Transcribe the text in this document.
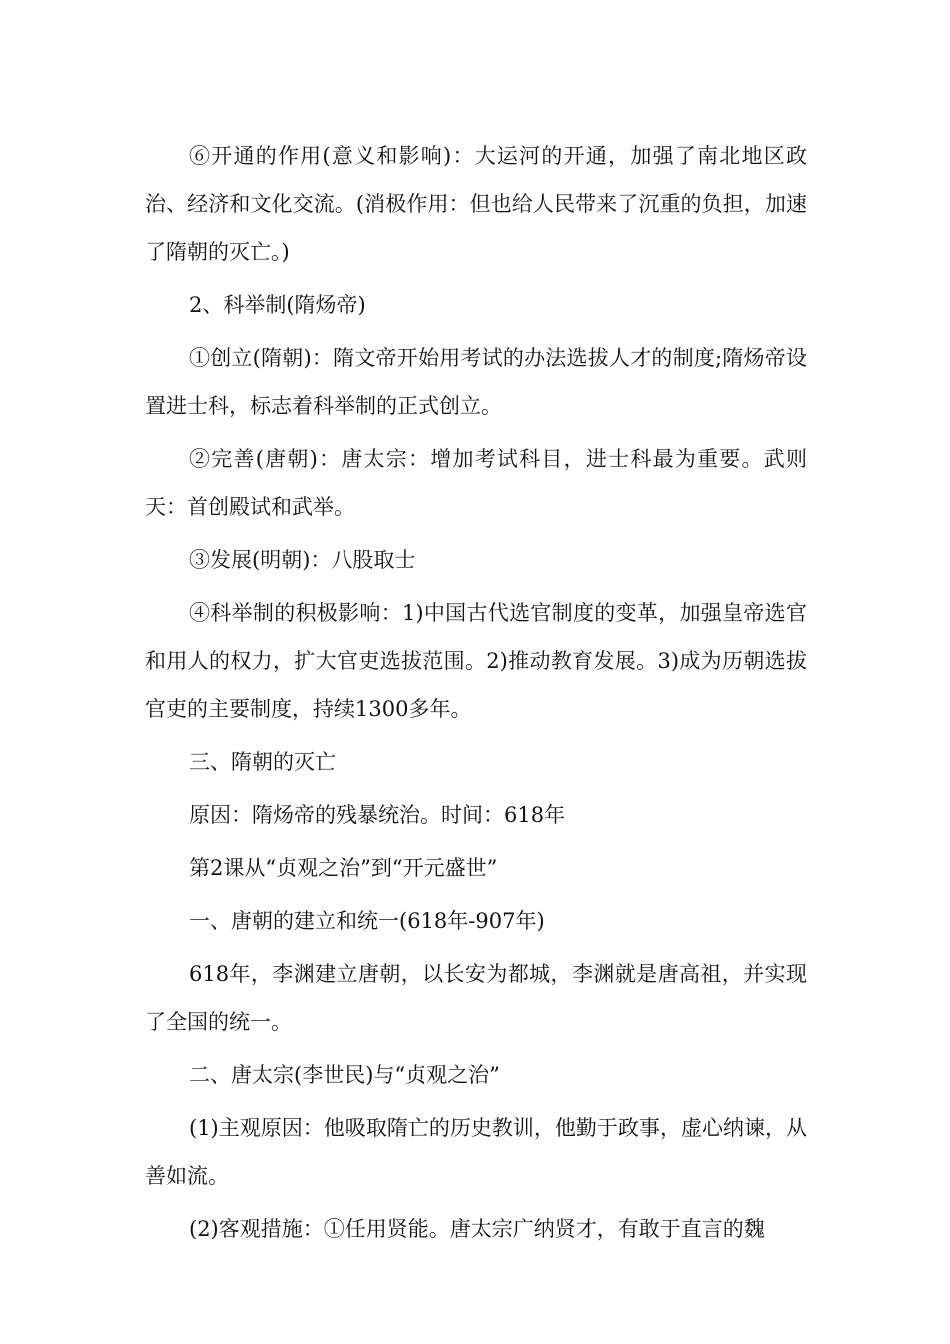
⑥开通的作用(意义和影响)：大运河的开通，加强了南北地区政治、经济和文化交流。(消极作用：但也给人民带来了沉重的负担，加速了隋朝的灭亡。)

2、科举制(隋炀帝)

①创立(隋朝)：隋文帝开始用考试的办法选拔人才的制度;隋炀帝设置进士科，标志着科举制的正式创立。

②完善(唐朝)：唐太宗：增加考试科目，进士科最为重要。武则天：首创殿试和武举。

③发展(明朝)：八股取士

④科举制的积极影响：1)中国古代选官制度的变革，加强皇帝选官和用人的权力，扩大官吏选拔范围。2)推动教育发展。3)成为历朝选拔官吏的主要制度，持续1300多年。

三、隋朝的灭亡

原因：隋炀帝的残暴统治。时间：618年

第2课从“贞观之治”到“开元盛世”

一、唐朝的建立和统一(618年-907年)

618年，李渊建立唐朝，以长安为都城，李渊就是唐高祖，并实现了全国的统一。

二、唐太宗(李世民)与“贞观之治”

(1)主观原因：他吸取隋亡的历史教训，他勤于政事，虚心纳谏，从善如流。

(2)客观措施：①任用贤能。唐太宗广纳贤才，有敢于直言的魏
